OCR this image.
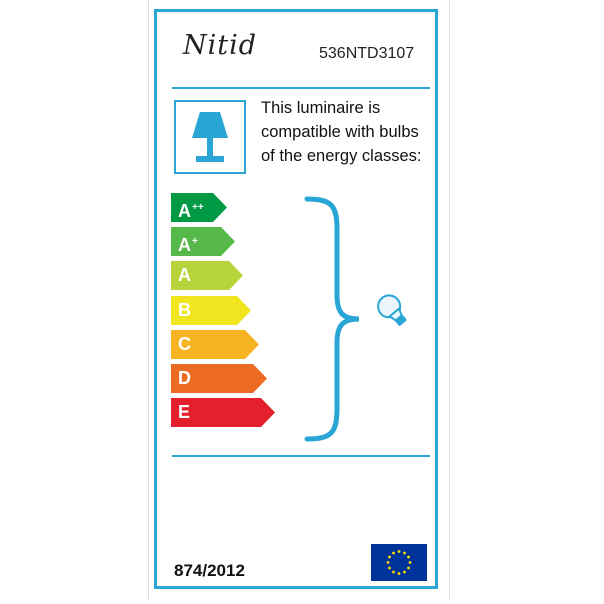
Nitid	536NTD3107
This luminaire is
compatible with bulbs
of the energy classes:
A++
A+
A
B
C
D
E
874/2012
